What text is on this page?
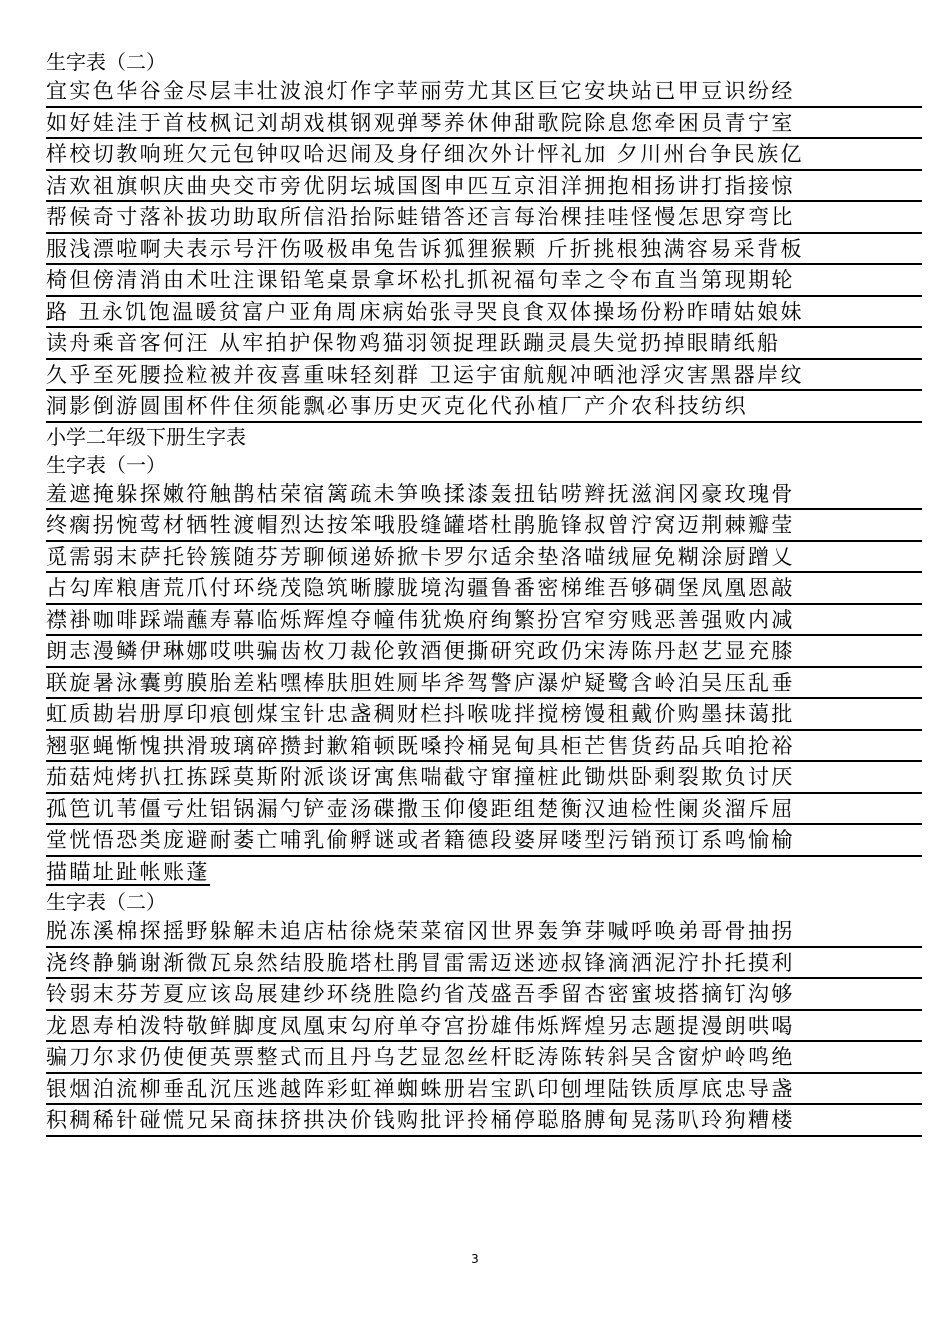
生字表（二）
宜实色华谷金尽层丰壮波浪灯作字苹丽劳尤其区巨它安块站已甲豆识纷经
如好娃洼于首枝枫记刘胡戏棋钢观弹琴养休伸甜歌院除息您牵困员青宁室
样校切教响班欠元包钟叹哈迟闹及身仔细次外计怦礼加 夕川州台争民族亿
洁欢祖旗帜庆曲央交市旁优阴坛城国图申匹互京泪洋拥抱相扬讲打指接惊
帮候奇寸落补拔功助取所信沿抬际蛙错答还言每治棵挂哇怪慢怎思穿弯比
服浅漂啦啊夫表示号汗伤吸极串兔告诉狐狸猴颗 斤折挑根独满容易采背板
椅但傍清消由术吐注课铅笔桌景拿坏松扎抓祝福句幸之令布直当第现期轮
路 丑永饥饱温暖贫富户亚角周床病始张寻哭良食双体操场份粉昨晴姑娘妹
读舟乘音客何汪 从牢拍护保物鸡猫羽领捉理跃蹦灵晨失觉扔掉眼睛纸船
久乎至死腰捡粒被并夜喜重味轻刻群 卫运宇宙航舰冲晒池浮灾害黑器岸纹
洞影倒游圆围杯件住须能飘必事历史灭克化代孙植厂产介农科技纺织
小学二年级下册生字表
生字表（一）
羞遮掩躲探嫩符触鹊枯荣宿篱疏未笋唤揉漆轰扭钻唠辫抚滋润冈豪玫瑰骨
终瘸拐惋莺材牺牲渡帽烈达按笨哦股缝罐塔杜鹃脆锋叔曾泞窝迈荆棘瓣莹
觅需弱末萨托铃簇随芬芳聊倾递娇掀卡罗尔适余垫洛喵绒屉免糊涂厨蹭乂
占勾库粮唐荒爪付环绕茂隐筑晰朦胧境沟疆鲁番密梯维吾够碉堡凤凰恩敲
襟褂咖啡踩端蘸寿幕临烁辉煌夺幢伟犹焕府绚繁扮宫窄穷贱恶善强败内减
朗志漫鳞伊琳娜哎哄骗齿枚刀裁伦敦酒便撕研究政仍宋涛陈丹赵艺显充膝
联旋暑泳囊剪膜胎差粘嘿棒肤胆姓厕毕斧驾警庐瀑炉疑鹭含岭泊吴压乱垂
虹质勘岩册厚印痕刨煤宝针忠盏稠财栏抖喉咙拌搅榜馒租戴价购墨抹蔼批
翘驱蝇惭愧拱滑玻璃碎攒封歉箱顿既嗓拎桶晃甸具柜芒售货药品兵咱抢裕
茄菇炖烤扒扛拣踩莫斯附派谈讶寓焦喘截守窜撞桩此锄烘卧剩裂欺负讨厌
孤笆讥苇僵亏灶铝锅漏勺铲壶汤碟撒玉仰傻距组楚衡汉迪检性阑炎溜斥屈
堂恍悟恐类庞避耐萎亡哺乳偷孵谜或者籍德段婆屏喽型污销预订系鸣愉榆
描瞄址趾帐账蓬
生字表（二）
脱冻溪棉探摇野躲解未追店枯徐烧荣菜宿冈世界轰笋芽喊呼唤弟哥骨抽拐
浇终静躺谢渐微瓦泉然结股脆塔杜鹃冒雷需迈迷迹叔锋滴洒泥泞扑托摸利
铃弱末芬芳夏应该岛展建纱环绕胜隐约省茂盛吾季留杏密蜜坡搭摘钉沟够
龙恩寿柏泼特敬鲜脚度凤凰束勾府单夺宫扮雄伟烁辉煌另志题提漫朗哄喝
骗刀尔求仍使便英票整式而且丹乌艺显忽丝杆眨涛陈转斜吴含窗炉岭鸣绝
银烟泊流柳垂乱沉压逃越阵彩虹禅蜘蛛册岩宝趴印刨埋陆铁质厚底忠导盏
积稠稀针碰慌兄呆商抹挤拱决价钱购批评拎桶停聪胳膊甸晃荡叭玲狗糟楼
3
